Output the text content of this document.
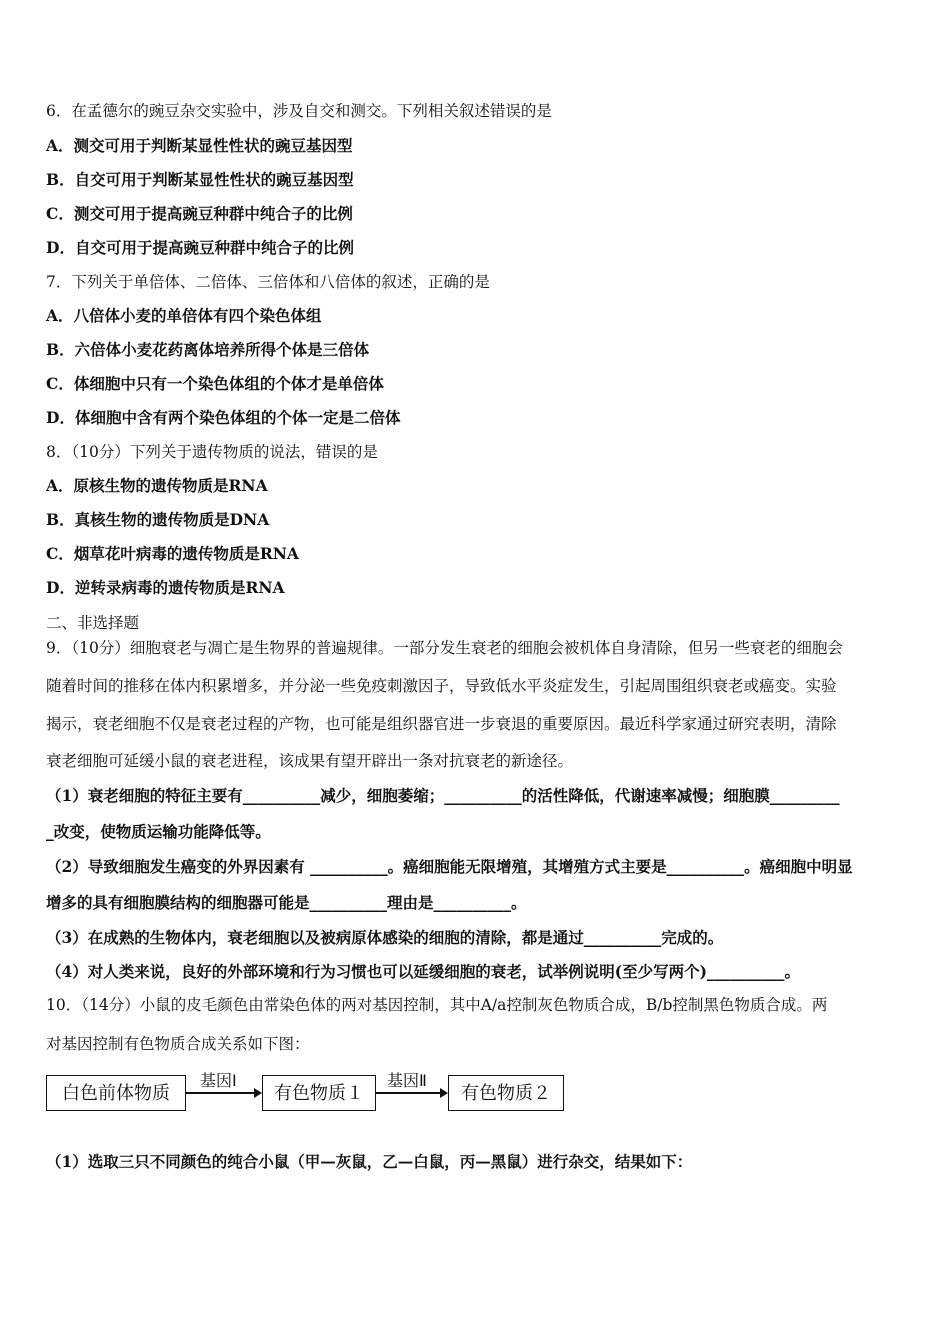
6．在孟德尔的豌豆杂交实验中，涉及自交和测交。下列相关叙述错误的是
A．测交可用于判断某显性性状的豌豆基因型
B．自交可用于判断某显性性状的豌豆基因型
C．测交可用于提高豌豆种群中纯合子的比例
D．自交可用于提高豌豆种群中纯合子的比例
7．下列关于单倍体、二倍体、三倍体和八倍体的叙述，正确的是
A．八倍体小麦的单倍体有四个染色体组
B．六倍体小麦花药离体培养所得个体是三倍体
C．体细胞中只有一个染色体组的个体才是单倍体
D．体细胞中含有两个染色体组的个体一定是二倍体
8．（10分）下列关于遗传物质的说法，错误的是
A．原核生物的遗传物质是RNA
B．真核生物的遗传物质是DNA
C．烟草花叶病毒的遗传物质是RNA
D．逆转录病毒的遗传物质是RNA
二、非选择题
9．（10分）细胞衰老与凋亡是生物界的普遍规律。一部分发生衰老的细胞会被机体自身清除，但另一些衰老的细胞会
随着时间的推移在体内积累增多，并分泌一些免疫刺激因子，导致低水平炎症发生，引起周围组织衰老或癌变。实验
揭示，衰老细胞不仅是衰老过程的产物，也可能是组织器官进一步衰退的重要原因。最近科学家通过研究表明，清除
衰老细胞可延缓小鼠的衰老进程，该成果有望开辟出一条对抗衰老的新途径。
（1）衰老细胞的特征主要有__________减少，细胞萎缩；__________的活性降低，代谢速率减慢；细胞膜_________
_改变，使物质运输功能降低等。
（2）导致细胞发生癌变的外界因素有 __________。癌细胞能无限增殖，其增殖方式主要是__________。癌细胞中明显
增多的具有细胞膜结构的细胞器可能是__________理由是__________。
（3）在成熟的生物体内，衰老细胞以及被病原体感染的细胞的清除，都是通过__________完成的。
（4）对人类来说，良好的外部环境和行为习惯也可以延缓细胞的衰老，试举例说明(至少写两个)__________。
10．（14分）小鼠的皮毛颜色由常染色体的两对基因控制，其中A/a控制灰色物质合成，B/b控制黑色物质合成。两
对基因控制有色物质合成关系如下图：
白色前体物质
基因Ⅰ
有色物质１
基因Ⅱ
有色物质２
（1）选取三只不同颜色的纯合小鼠（甲—灰鼠，乙—白鼠，丙—黑鼠）进行杂交，结果如下：
